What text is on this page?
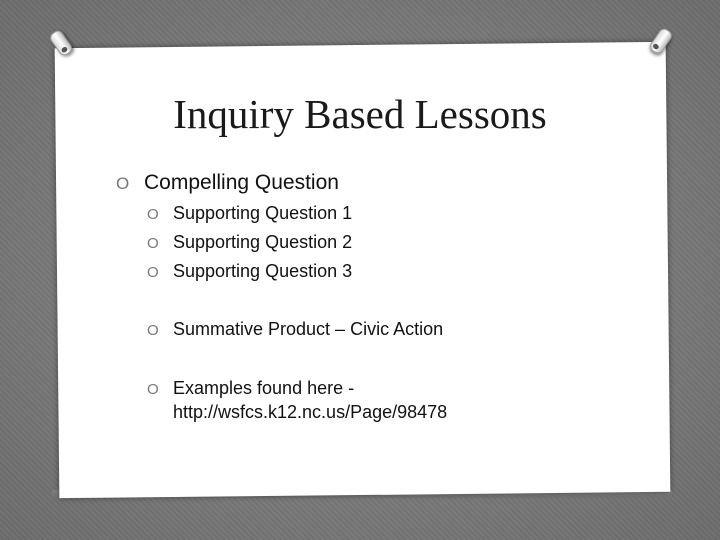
Inquiry Based Lessons
O Compelling Question
O Supporting Question 1
O Supporting Question 2
O Supporting Question 3
O Summative Product – Civic Action
O Examples found here -
http://wsfcs.k12.nc.us/Page/98478
